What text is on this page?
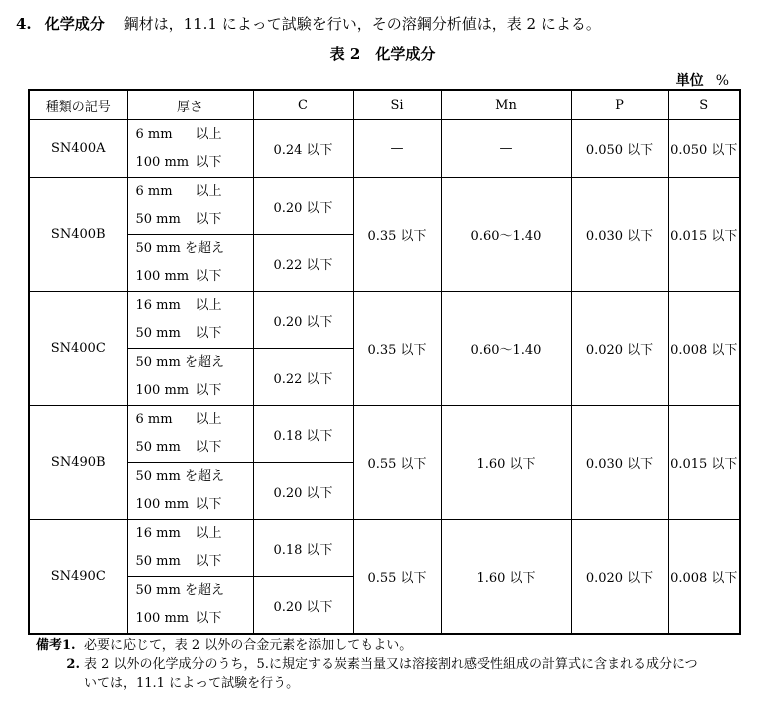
4. 化学成分 鋼材は，11.1 によって試験を行い，その溶鋼分析値は，表 2 による。
表 2　化学成分
単位 %
種類の記号	厚さ	C	Si	Mn	P	S
SN400A	6 mm 以上
100 mm 以下	0.24 以下	—	—	0.050 以下	0.050 以下
SN400B	6 mm 以上
50 mm 以下	0.20 以下	0.35 以下	0.60～1.40	0.030 以下	0.015 以下

	50 mm を超え
100 mm 以下	0.22 以下				
SN400C	16 mm 以上
50 mm 以下	0.20 以下	0.35 以下	0.60～1.40	0.020 以下	0.008 以下

	50 mm を超え
100 mm 以下	0.22 以下				
SN490B	6 mm 以上
50 mm 以下	0.18 以下	0.55 以下	1.60 以下	0.030 以下	0.015 以下

	50 mm を超え
100 mm 以下	0.20 以下				
SN490C	16 mm 以上
50 mm 以下	0.18 以下	0.55 以下	1.60 以下	0.020 以下	0.008 以下

	50 mm を超え
100 mm 以下	0.20 以下				
備考1. 必要に応じて，表 2 以外の合金元素を添加してもよい。
2. 表 2 以外の化学成分のうち，5.に規定する炭素当量又は溶接割れ感受性組成の計算式に含まれる成分につ
いては，11.1 によって試験を行う。
